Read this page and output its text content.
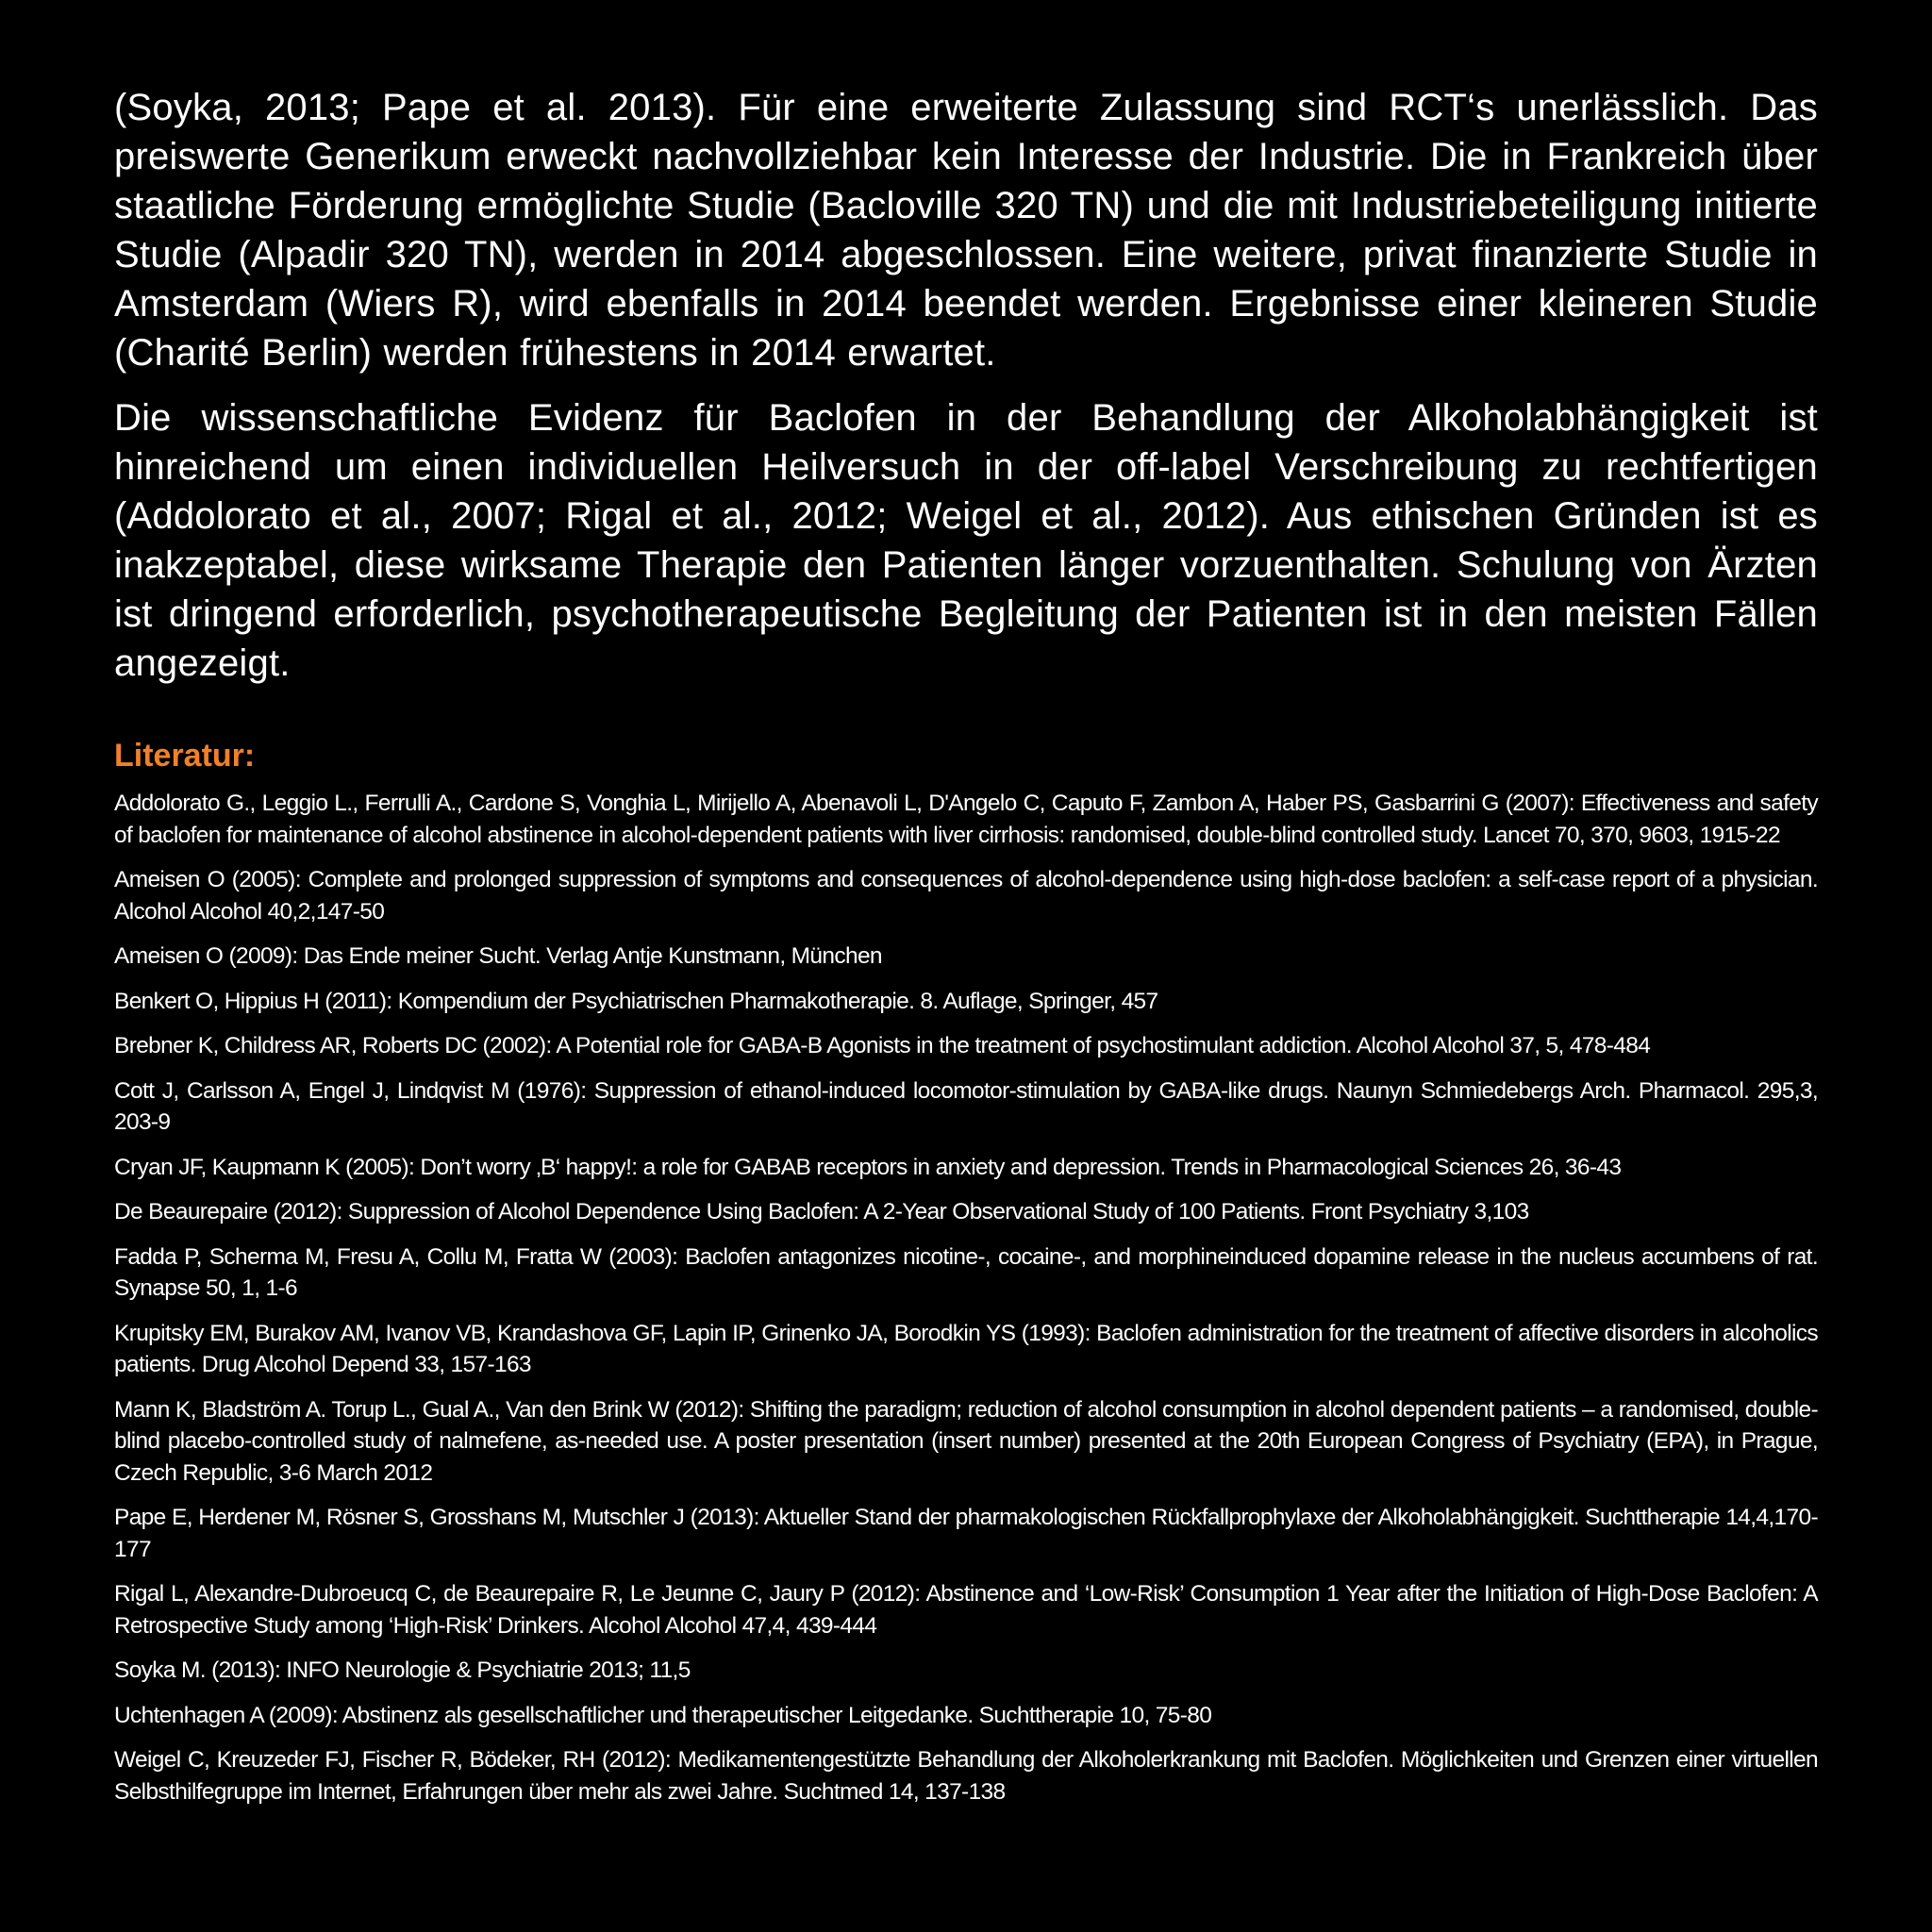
(Soyka, 2013; Pape et al. 2013). Für eine erweiterte Zulassung sind RCT‘s unerlässlich. Das preiswerte Generikum erweckt nachvollziehbar kein Interesse der Industrie. Die in Frankreich über staatliche Förderung ermöglichte Studie (Bacloville 320 TN) und die mit Industriebeteiligung initierte Studie (Alpadir 320 TN), werden in 2014 abgeschlossen. Eine weitere, privat finanzierte Studie in Amsterdam (Wiers R), wird ebenfalls in 2014 beendet werden. Ergebnisse einer kleineren Studie (Charité Berlin) werden frühestens in 2014 erwartet.

Die wissenschaftliche Evidenz für Baclofen in der Behandlung der Alkoholabhängigkeit ist hinreichend um einen individuellen Heilversuch in der off-label Verschreibung zu rechtfertigen (Addolorato et al., 2007; Rigal et al., 2012; Weigel et al., 2012). Aus ethischen Gründen ist es inakzeptabel, diese wirksame Therapie den Patienten länger vorzuenthalten. Schulung von Ärzten ist dringend erforderlich, psychotherapeutische Begleitung der Patienten ist in den meisten Fällen angezeigt.

Literatur:
Addolorato G., Leggio L., Ferrulli A., Cardone S, Vonghia L, Mirijello A, Abenavoli L, D'Angelo C, Caputo F, Zambon A, Haber PS, Gasbarrini G (2007): Effectiveness and safety of baclofen for maintenance of alcohol abstinence in alcohol-dependent patients with liver cirrhosis: randomised, double-blind controlled study. Lancet 70, 370, 9603, 1915-22
Ameisen O (2005): Complete and prolonged suppression of symptoms and consequences of alcohol-dependence using high-dose baclofen: a self-case report of a physician. Alcohol Alcohol 40,2,147-50
Ameisen O (2009): Das Ende meiner Sucht. Verlag Antje Kunstmann, München
Benkert O, Hippius H (2011): Kompendium der Psychiatrischen Pharmakotherapie. 8. Auflage, Springer, 457
Brebner K, Childress AR, Roberts DC (2002): A Potential role for GABA-B Agonists in the treatment of psychostimulant addiction. Alcohol Alcohol 37, 5, 478-484
Cott J, Carlsson A, Engel J, Lindqvist M (1976): Suppression of ethanol-induced locomotor-stimulation by GABA-like drugs. Naunyn Schmiedebergs Arch. Pharmacol. 295,3, 203-9
Cryan JF, Kaupmann K (2005): Don’t worry ‚B‘ happy!: a role for GABAB receptors in anxiety and depression. Trends in Pharmacological Sciences 26, 36-43
De Beaurepaire (2012): Suppression of Alcohol Dependence Using Baclofen: A 2-Year Observational Study of 100 Patients. Front Psychiatry 3,103
Fadda P, Scherma M, Fresu A, Collu M, Fratta W (2003): Baclofen antagonizes nicotine-, cocaine-, and morphineinduced dopamine release in the nucleus accumbens of rat. Synapse 50, 1, 1-6
Krupitsky EM, Burakov AM, Ivanov VB, Krandashova GF, Lapin IP, Grinenko JA, Borodkin YS (1993): Baclofen administration for the treatment of affective disorders in alcoholics patients. Drug Alcohol Depend 33, 157-163
Mann K, Bladström A. Torup L., Gual A., Van den Brink W (2012): Shifting the paradigm; reduction of alcohol consumption in alcohol dependent patients – a randomised, double-blind placebo-controlled study of nalmefene, as-needed use. A poster presentation (insert number) presented at the 20th European Congress of Psychiatry (EPA), in Prague, Czech Republic, 3-6 March 2012
Pape E, Herdener M, Rösner S, Grosshans M, Mutschler J (2013): Aktueller Stand der pharmakologischen Rückfallprophylaxe der Alkoholabhängigkeit. Suchttherapie 14,4,170-177
Rigal L, Alexandre-Dubroeucq C, de Beaurepaire R, Le Jeunne C, Jaury P (2012): Abstinence and ‘Low-Risk’ Consumption 1 Year after the Initiation of High-Dose Baclofen: A Retrospective Study among ‘High-Risk’ Drinkers. Alcohol Alcohol 47,4, 439-444
Soyka M. (2013): INFO Neurologie & Psychiatrie 2013; 11,5
Uchtenhagen A (2009): Abstinenz als gesellschaftlicher und therapeutischer Leitgedanke. Suchttherapie 10, 75-80
Weigel C, Kreuzeder FJ, Fischer R, Bödeker, RH (2012): Medikamentengestützte Behandlung der Alkoholerkrankung mit Baclofen. Möglichkeiten und Grenzen einer virtuellen Selbsthilfegruppe im Internet, Erfahrungen über mehr als zwei Jahre. Suchtmed 14, 137-138
